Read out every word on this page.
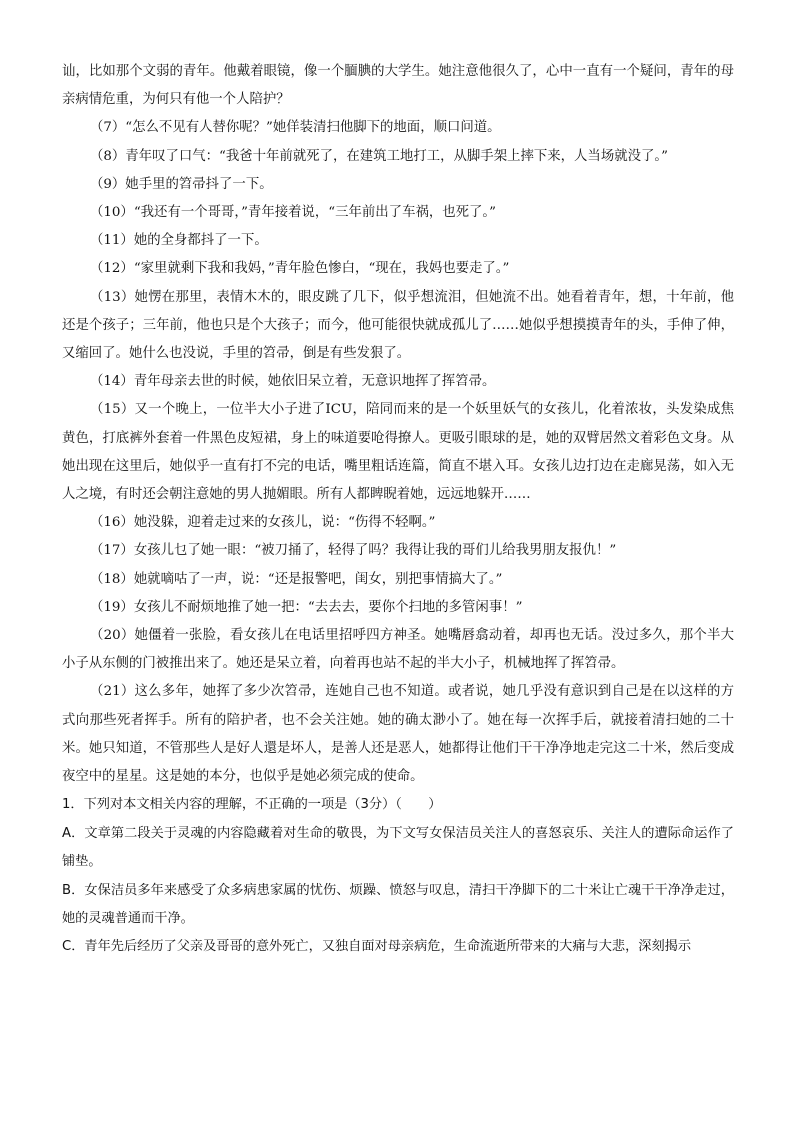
讪，比如那个文弱的青年。他戴着眼镜，像一个腼腆的大学生。她注意他很久了，心中一直有一个疑问，青年的母亲病情危重，为何只有他一个人陪护？

（7）“怎么不见有人替你呢？”她佯装清扫他脚下的地面，顺口问道。

（8）青年叹了口气：“我爸十年前就死了，在建筑工地打工，从脚手架上摔下来，人当场就没了。”

（9）她手里的笤帚抖了一下。

（10）“我还有一个哥哥，”青年接着说，“三年前出了车祸，也死了。”

（11）她的全身都抖了一下。

（12）“家里就剩下我和我妈，”青年脸色惨白，“现在，我妈也要走了。”

（13）她愣在那里，表情木木的，眼皮跳了几下，似乎想流泪，但她流不出。她看着青年，想，十年前，他还是个孩子；三年前，他也只是个大孩子；而今，他可能很快就成孤儿了……她似乎想摸摸青年的头，手伸了伸，又缩回了。她什么也没说，手里的笤帚，倒是有些发狠了。

（14）青年母亲去世的时候，她依旧呆立着，无意识地挥了挥笤帚。

（15）又一个晚上，一位半大小子进了ICU，陪同而来的是一个妖里妖气的女孩儿，化着浓妆，头发染成焦黄色，打底裤外套着一件黑色皮短裙，身上的味道要呛得撩人。更吸引眼球的是，她的双臂居然文着彩色文身。从她出现在这里后，她似乎一直有打不完的电话，嘴里粗话连篇，简直不堪入耳。女孩儿边打边在走廊晃荡，如入无人之境，有时还会朝注意她的男人抛媚眼。所有人都睥睨着她，远远地躲开……

（16）她没躲，迎着走过来的女孩儿，说：“伤得不轻啊。”

（17）女孩儿乜了她一眼：“被刀捅了，轻得了吗？我得让我的哥们儿给我男朋友报仇！”

（18）她就嘀咕了一声，说：“还是报警吧，闺女，别把事情搞大了。”

（19）女孩儿不耐烦地推了她一把：“去去去，要你个扫地的多管闲事！”

（20）她僵着一张脸，看女孩儿在电话里招呼四方神圣。她嘴唇翕动着，却再也无话。没过多久，那个半大小子从东侧的门被推出来了。她还是呆立着，向着再也站不起的半大小子，机械地挥了挥笤帚。

（21）这么多年，她挥了多少次笤帚，连她自己也不知道。或者说，她几乎没有意识到自己是在以这样的方式向那些死者挥手。所有的陪护者，也不会关注她。她的确太渺小了。她在每一次挥手后，就接着清扫她的二十米。她只知道，不管那些人是好人還是坏人，是善人还是恶人，她都得让他们干干净净地走完这二十米，然后变成夜空中的星星。这是她的本分，也似乎是她必须完成的使命。

1．下列对本文相关内容的理解，不正确的一项是（3分）（　　）

A．文章第二段关于灵魂的内容隐藏着对生命的敬畏，为下文写女保洁员关注人的喜怒哀乐、关注人的遭际命运作了铺垫。

B．女保洁员多年来感受了众多病患家属的忧伤、烦躁、愤怒与叹息，清扫干净脚下的二十米让亡魂干干净净走过，她的灵魂普通而干净。

C．青年先后经历了父亲及哥哥的意外死亡，又独自面对母亲病危，生命流逝所带来的大痛与大悲，深刻揭示
